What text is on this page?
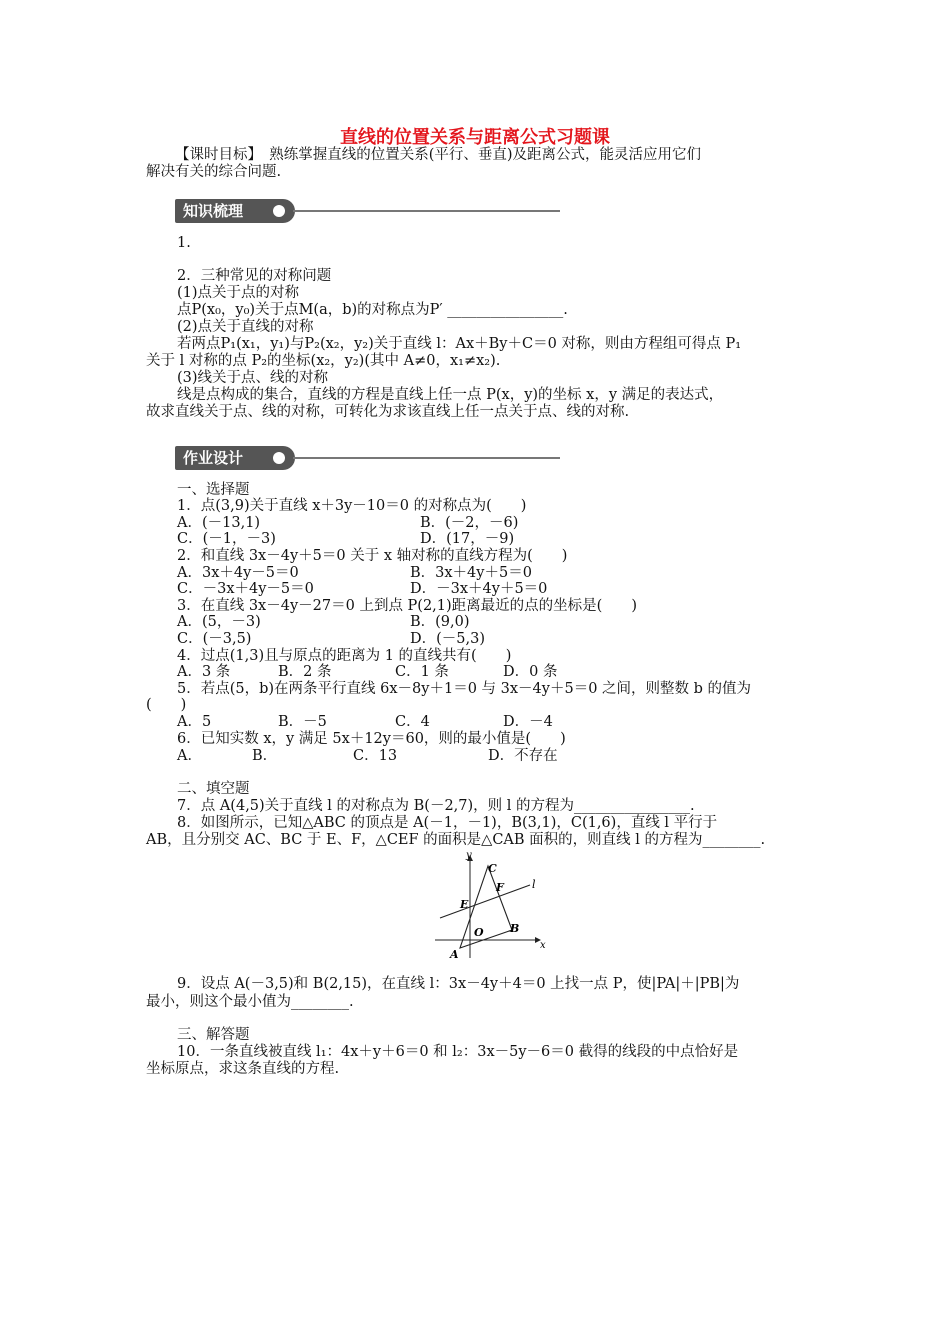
直线的位置关系与距离公式习题课
【课时目标】　熟练掌握直线的位置关系(平行、垂直)及距离公式，能灵活应用它们
解决有关的综合问题.
知识梳理
1.
2．三种常见的对称问题
(1)点关于点的对称
点P(x₀，y₀)关于点M(a，b)的对称点为P′ ________________.
(2)点关于直线的对称
若两点P₁(x₁，y₁)与P₂(x₂，y₂)关于直线 l：Ax＋By＋C＝0 对称，则由方程组可得点 P₁
关于 l 对称的点 P₂的坐标(x₂，y₂)(其中 A≠0，x₁≠x₂).
(3)线关于点、线的对称
线是点构成的集合，直线的方程是直线上任一点 P(x，y)的坐标 x，y 满足的表达式，
故求直线关于点、线的对称，可转化为求该直线上任一点关于点、线的对称.
作业设计
一、选择题
1．点(3,9)关于直线 x＋3y－10＝0 的对称点为(　　)
A．(－13,1)	B．(－2，－6)
C．(－1，－3)	D．(17，－9)
2．和直线 3x－4y＋5＝0 关于 x 轴对称的直线方程为(　　)
A．3x＋4y－5＝0	B．3x＋4y＋5＝0
C．－3x＋4y－5＝0	D．－3x＋4y＋5＝0
3．在直线 3x－4y－27＝0 上到点 P(2,1)距离最近的点的坐标是(　　)
A．(5，－3)	B．(9,0)
C．(－3,5)	D．(－5,3)
4．过点(1,3)且与原点的距离为 1 的直线共有(　　)
A．3 条	B．2 条	C．1 条	D．0 条
5．若点(5，b)在两条平行直线 6x－8y＋1＝0 与 3x－4y＋5＝0 之间，则整数 b 的值为
(　　)
A．5	B．－5	C．4	D．－4
6．已知实数 x，y 满足 5x＋12y＝60，则的最小值是(　　)
A．	B．	C．13	D．不存在
二、填空题
7．点 A(4,5)关于直线 l 的对称点为 B(－2,7)，则 l 的方程为________________.
8．如图所示，已知△ABC 的顶点是 A(－1，－1)，B(3,1)，C(1,6)，直线 l 平行于
AB，且分别交 AC、BC 于 E、F，△CEF 的面积是△CAB 面积的，则直线 l 的方程为________.
y
x
O
A
B
C
E
F	l
9．设点 A(－3,5)和 B(2,15)，在直线 l：3x－4y＋4＝0 上找一点 P，使|PA|＋|PB|为
最小，则这个最小值为________.
三、解答题
10．一条直线被直线 l₁：4x＋y＋6＝0 和 l₂：3x－5y－6＝0 截得的线段的中点恰好是
坐标原点，求这条直线的方程.
